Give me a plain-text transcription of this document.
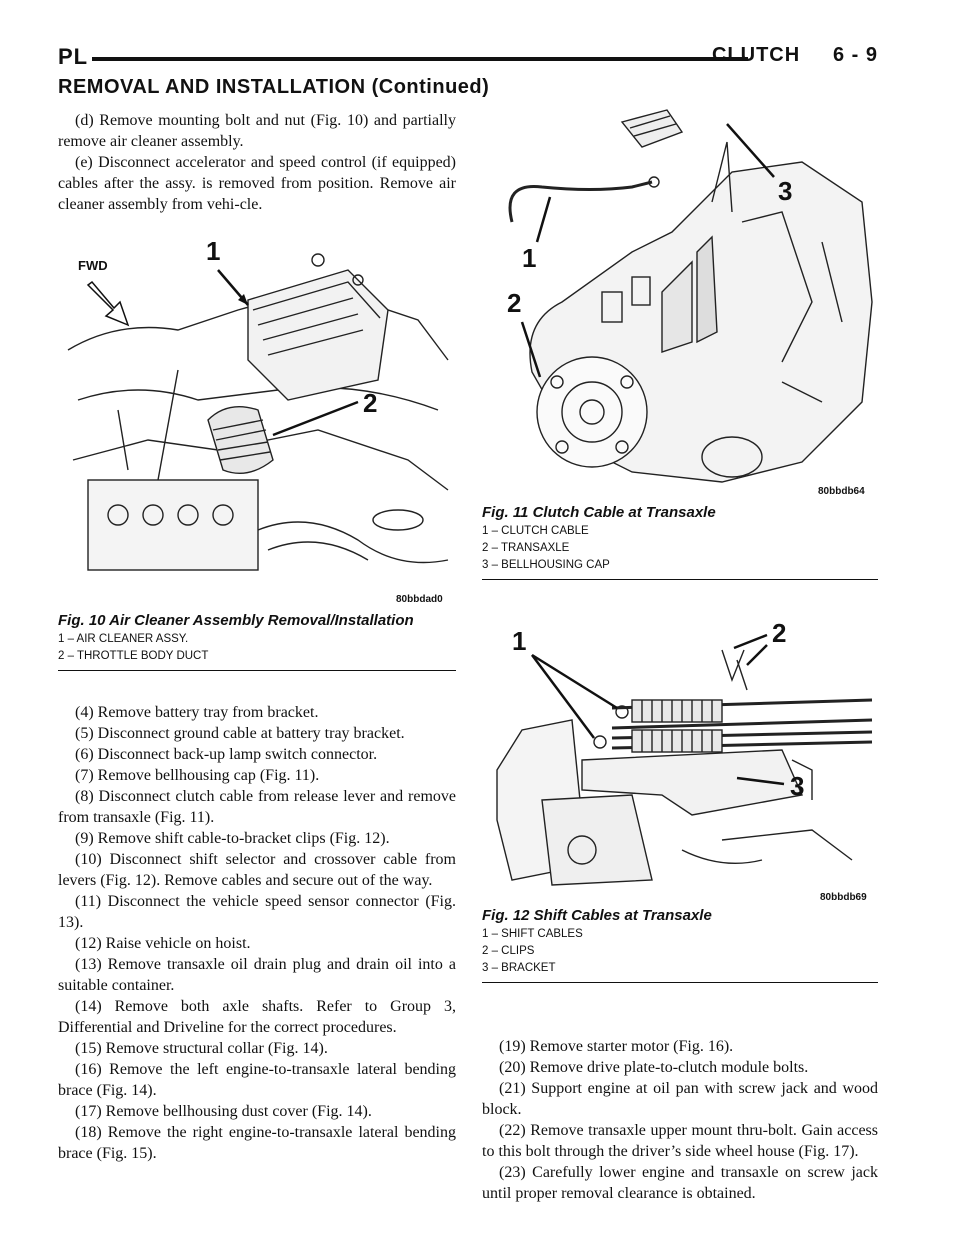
PL	CLUTCH     6 - 9
REMOVAL AND INSTALLATION (Continued)

(d) Remove mounting bolt and nut (Fig. 10) and partially remove air cleaner assembly.

(e) Disconnect accelerator and speed control (if equipped) cables after the assy. is removed from position. Remove air cleaner assembly from vehi-cle.

FWD	1
2
80bbdad0
Fig. 10 Air Cleaner Assembly Removal/Installation
1 – AIR CLEANER ASSY.
2 – THROTTLE BODY DUCT

(4) Remove battery tray from bracket.

(5) Disconnect ground cable at battery tray bracket.

(6) Disconnect back-up lamp switch connector.

(7) Remove bellhousing cap (Fig. 11).

(8) Disconnect clutch cable from release lever and remove from transaxle (Fig. 11).

(9) Remove shift cable-to-bracket clips (Fig. 12).

(10) Disconnect shift selector and crossover cable from levers (Fig. 12). Remove cables and secure out of the way.

(11) Disconnect the vehicle speed sensor connector (Fig. 13).

(12) Raise vehicle on hoist.

(13) Remove transaxle oil drain plug and drain oil into a suitable container.

(14) Remove both axle shafts. Refer to Group 3, Differential and Driveline for the correct procedures.

(15) Remove structural collar (Fig. 14).

(16) Remove the left engine-to-transaxle lateral bending brace (Fig. 14).

(17) Remove bellhousing dust cover (Fig. 14).

(18) Remove the right engine-to-transaxle lateral bending brace (Fig. 15).

1
2
3
80bbdb64
Fig. 11 Clutch Cable at Transaxle
1 – CLUTCH CABLE
2 – TRANSAXLE
3 – BELLHOUSING CAP
1	2
3
80bbdb69
Fig. 12 Shift Cables at Transaxle
1 – SHIFT CABLES
2 – CLIPS
3 – BRACKET

(19) Remove starter motor (Fig. 16).

(20) Remove drive plate-to-clutch module bolts.

(21) Support engine at oil pan with screw jack and wood block.

(22) Remove transaxle upper mount thru-bolt. Gain access to this bolt through the driver’s side wheel house (Fig. 17).

(23) Carefully lower engine and transaxle on screw jack until proper removal clearance is obtained.
